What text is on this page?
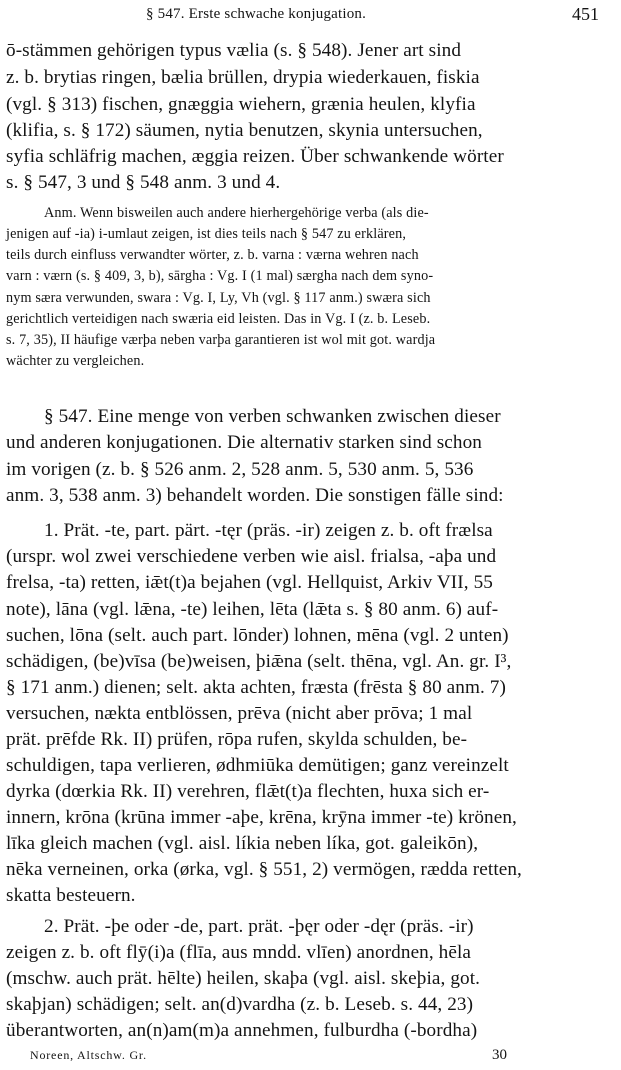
§ 547. Erste schwache konjugation.	451
ō-stämmen gehörigen typus vælia (s. § 548). Jener art sind
z. b. brytias ringen, bælia brüllen, drypia wiederkauen, fiskia
(vgl. § 313) fischen, gnæggia wiehern, grænia heulen, klyfia
(klifia, s. § 172) säumen, nytia benutzen, skynia untersuchen,
syfia schläfrig machen, æggia reizen. Über schwankende wörter
s. § 547, 3 und § 548 anm. 3 und 4.
Anm. Wenn bisweilen auch andere hierhergehörige verba (als die-
jenigen auf -ia) i-umlaut zeigen, ist dies teils nach § 547 zu erklären,
teils durch einfluss verwandter wörter, z. b. varna : værna wehren nach
varn : værn (s. § 409, 3, b), sārgha : Vg. I (1 mal) særgha nach dem syno-
nym særa verwunden, swara : Vg. I, Ly, Vh (vgl. § 117 anm.) swæra sich
gerichtlich verteidigen nach swæria eid leisten. Das in Vg. I (z. b. Leseb.
s. 7, 35), II häufige værþa neben varþa garantieren ist wol mit got. wardja
wächter zu vergleichen.
§ 547. Eine menge von verben schwanken zwischen dieser
und anderen konjugationen. Die alternativ starken sind schon
im vorigen (z. b. § 526 anm. 2, 528 anm. 5, 530 anm. 5, 536
anm. 3, 538 anm. 3) behandelt worden. Die sonstigen fälle sind:
1. Prät. -te, part. pärt. -tęr (präs. -ir) zeigen z. b. oft frælsa
(urspr. wol zwei verschiedene verben wie aisl. frialsa, -aþa und
frelsa, -ta) retten, iǣt(t)a bejahen (vgl. Hellquist, Arkiv VII, 55
note), lāna (vgl. lǣna, -te) leihen, lēta (lǣta s. § 80 anm. 6) auf-
suchen, lōna (selt. auch part. lōnder) lohnen, mēna (vgl. 2 unten)
schädigen, (be)vīsa (be)weisen, þiǣna (selt. thēna, vgl. An. gr. I³,
§ 171 anm.) dienen; selt. akta achten, fræsta (frēsta § 80 anm. 7)
versuchen, nækta entblössen, prēva (nicht aber prōva; 1 mal
prät. prēfde Rk. II) prüfen, rōpa rufen, skylda schulden, be-
schuldigen, tapa verlieren, ødhmiūka demütigen; ganz vereinzelt
dyrka (dœrkia Rk. II) verehren, flǣt(t)a flechten, huxa sich er-
innern, krōna (krūna immer -aþe, krēna, krȳna immer -te) krönen,
līka gleich machen (vgl. aisl. líkia neben líka, got. galeikōn),
nēka verneinen, orka (ørka, vgl. § 551, 2) vermögen, rædda retten,
skatta besteuern.
2. Prät. -þe oder -de, part. prät. -þęr oder -dęr (präs. -ir)
zeigen z. b. oft flȳ(i)a (flīa, aus mndd. vlīen) anordnen, hēla
(mschw. auch prät. hēlte) heilen, skaþa (vgl. aisl. skeþia, got.
skaþjan) schädigen; selt. an(d)vardha (z. b. Leseb. s. 44, 23)
überantworten, an(n)am(m)a annehmen, fulburdha (-bordha)
Noreen, Altschw. Gr.	30
